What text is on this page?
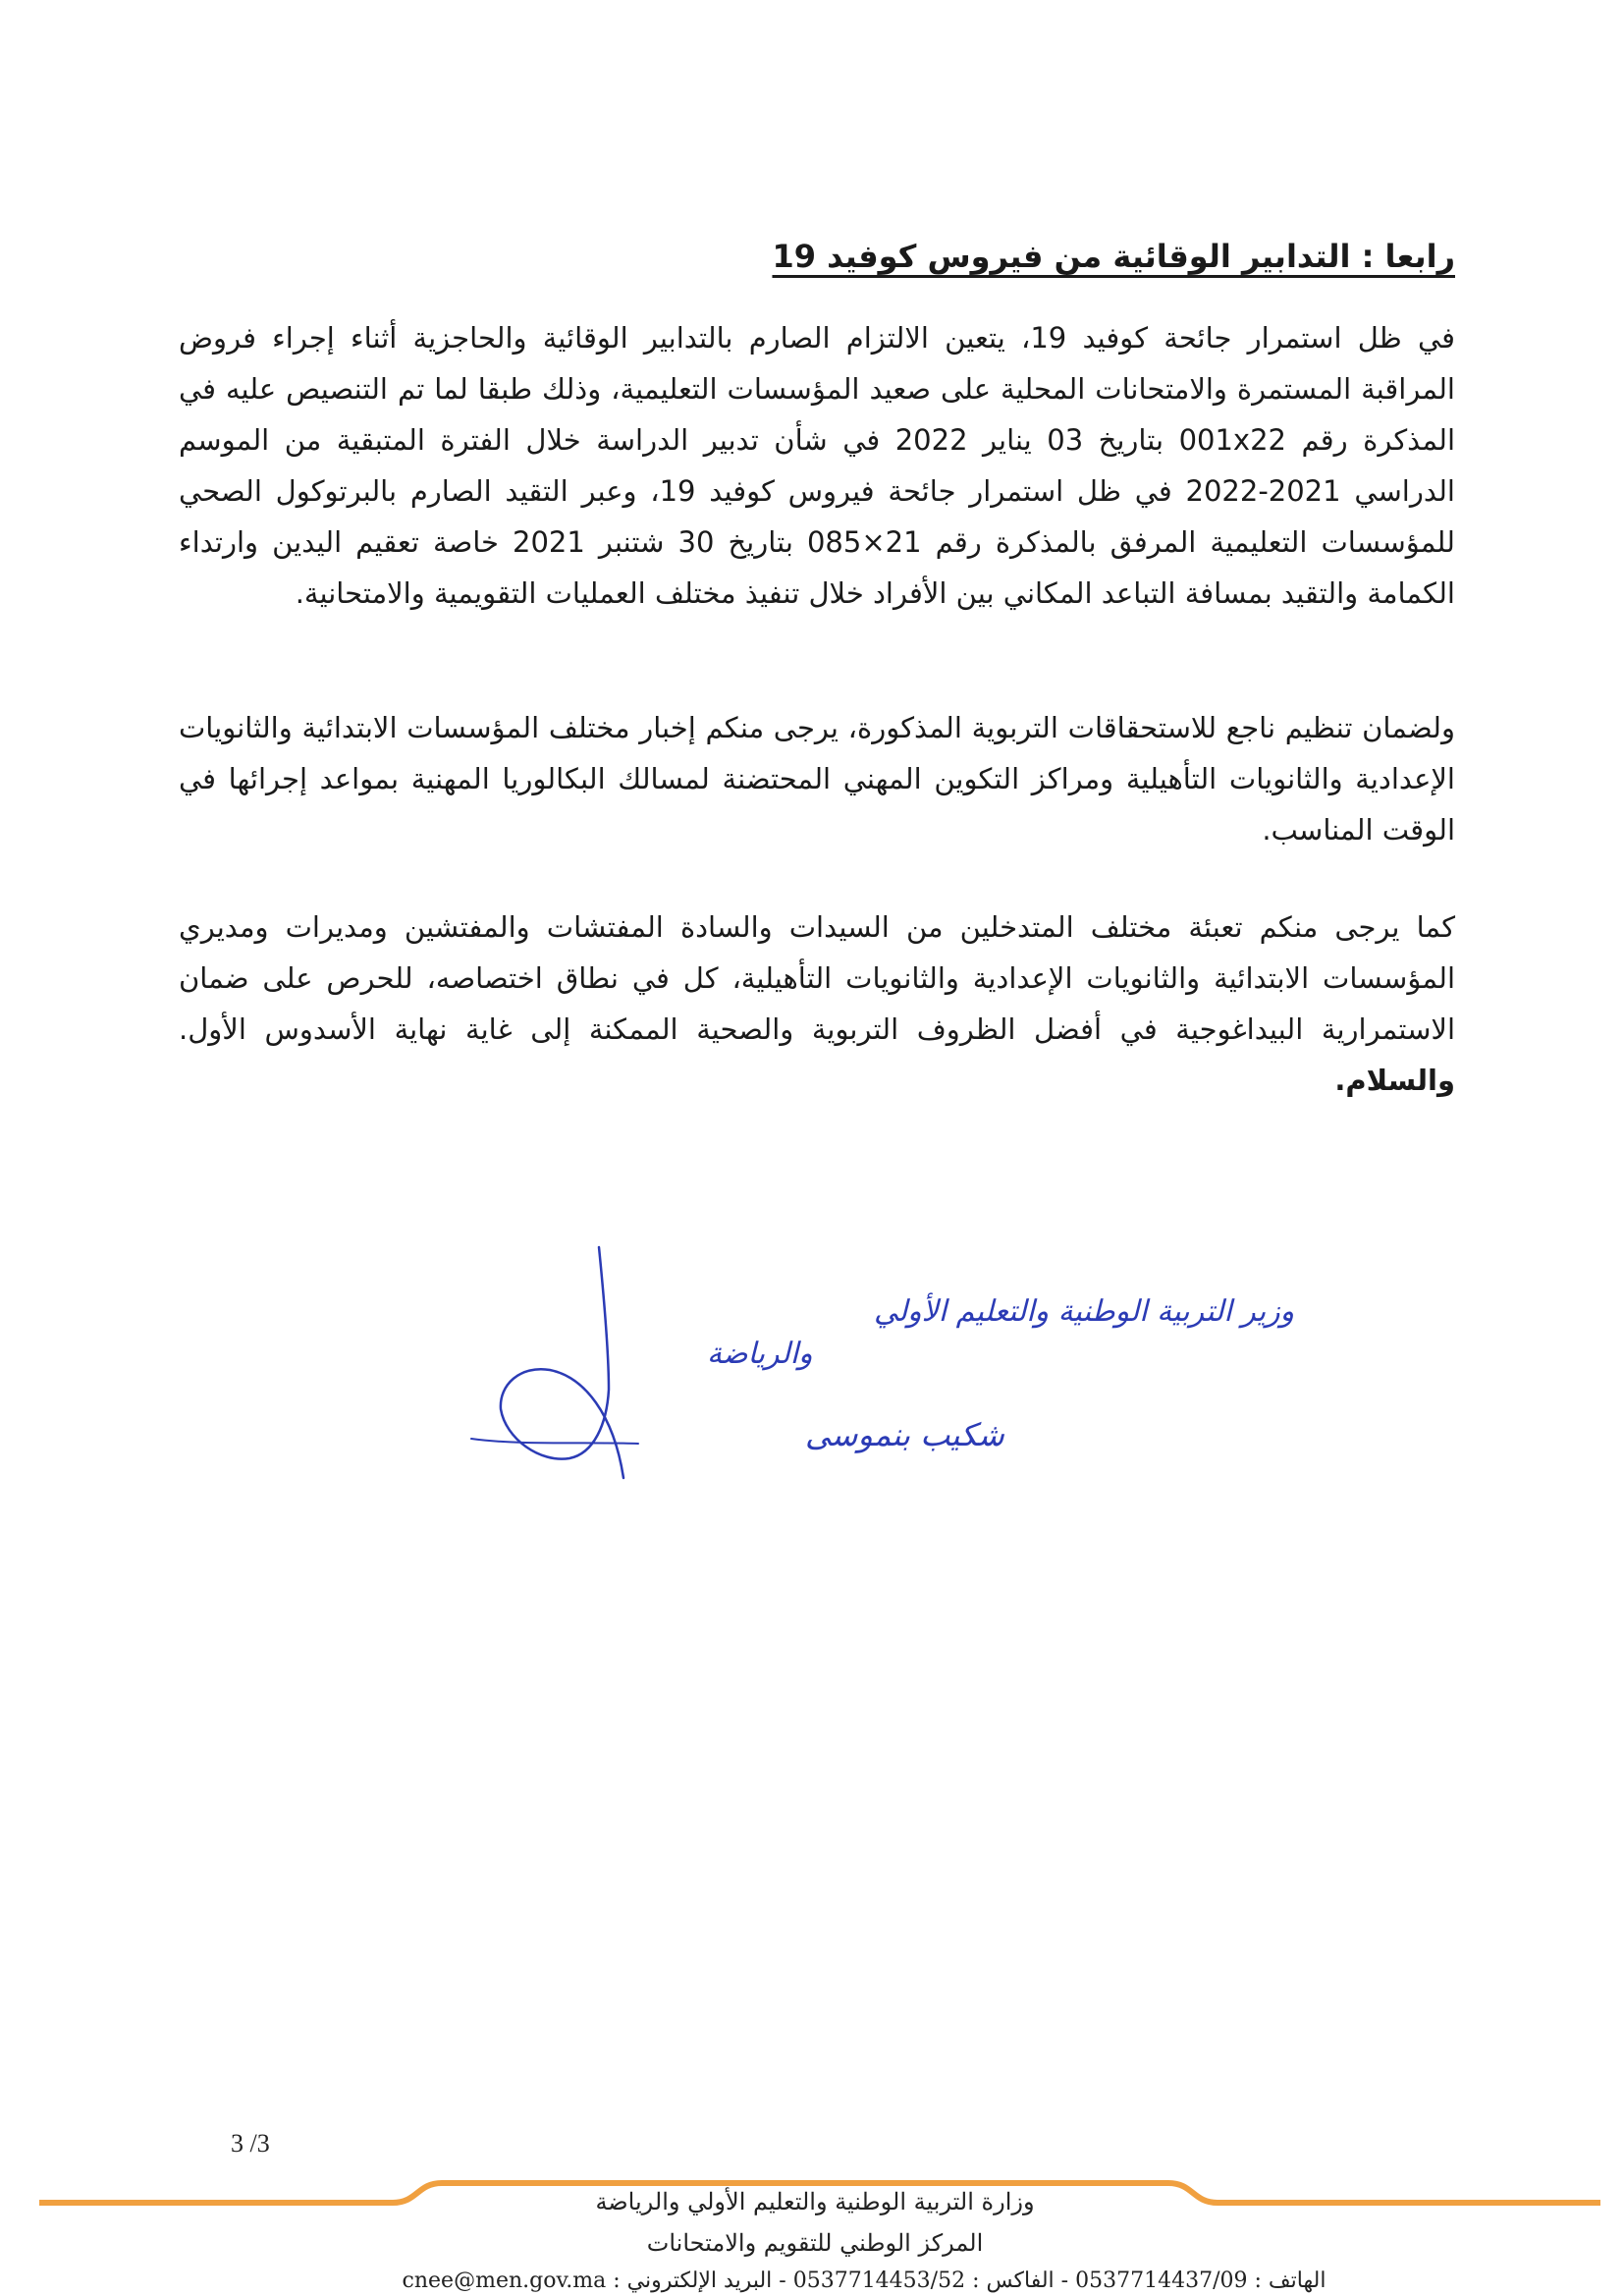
رابعا : التدابير الوقائية من فيروس كوفيد 19

في ظل استمرار جائحة كوفيد 19، يتعين الالتزام الصارم بالتدابير الوقائية والحاجزية أثناء إجراء فروض المراقبة المستمرة والامتحانات المحلية على صعيد المؤسسات التعليمية، وذلك طبقا لما تم التنصيص عليه في المذكرة رقم 001x22 بتاريخ 03 يناير 2022 في شأن تدبير الدراسة خلال الفترة المتبقية من الموسم الدراسي 2021-2022 في ظل استمرار جائحة فيروس كوفيد 19، وعبر التقيد الصارم بالبرتوكول الصحي للمؤسسات التعليمية المرفق بالمذكرة رقم 21×085 بتاريخ 30 شتنبر 2021 خاصة تعقيم اليدين وارتداء الكمامة والتقيد بمسافة التباعد المكاني بين الأفراد خلال تنفيذ مختلف العمليات التقويمية والامتحانية.

ولضمان تنظيم ناجع للاستحقاقات التربوية المذكورة، يرجى منكم إخبار مختلف المؤسسات الابتدائية والثانويات الإعدادية والثانويات التأهيلية ومراكز التكوين المهني المحتضنة لمسالك البكالوريا المهنية بمواعد إجرائها في الوقت المناسب.

كما يرجى منكم تعبئة مختلف المتدخلين من السيدات والسادة المفتشات والمفتشين ومديرات ومديري المؤسسات الابتدائية والثانويات الإعدادية والثانويات التأهيلية، كل في نطاق اختصاصه، للحرص على ضمان الاستمرارية البيداغوجية في أفضل الظروف التربوية والصحية الممكنة إلى غاية نهاية الأسدوس الأول. والسلام.

وزير التربية الوطنية والتعليم الأولي
والرياضة
شكيب بنموسى
3 /3
وزارة التربية الوطنية والتعليم الأولي والرياضة
المركز الوطني للتقويم والامتحانات
الهاتف : 0537714437/09 - الفاكس : 0537714453/52 - البريد الإلكتروني : cnee@men.gov.ma
